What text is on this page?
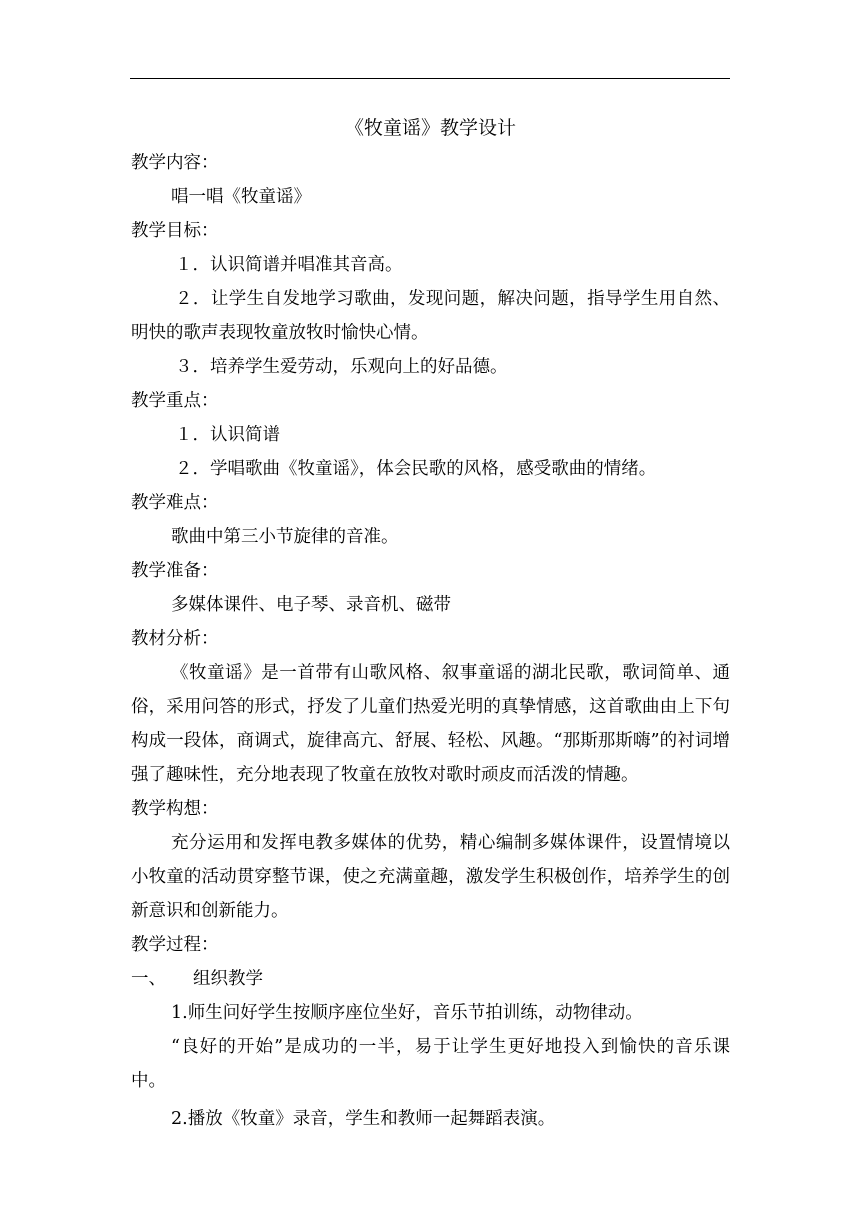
《牧童谣》教学设计
教学内容：
唱一唱《牧童谣》
教学目标：
１．认识简谱并唱准其音高。
２．让学生自发地学习歌曲，发现问题，解决问题，指导学生用自然、明快的歌声表现牧童放牧时愉快心情。
３．培养学生爱劳动，乐观向上的好品德。
教学重点：
１．认识简谱
２．学唱歌曲《牧童谣》，体会民歌的风格，感受歌曲的情绪。
教学难点：
歌曲中第三小节旋律的音准。
教学准备：
多媒体课件、电子琴、录音机、磁带
教材分析：
《牧童谣》是一首带有山歌风格、叙事童谣的湖北民歌，歌词简单、通俗，采用问答的形式，抒发了儿童们热爱光明的真挚情感，这首歌曲由上下句构成一段体，商调式，旋律高亢、舒展、轻松、风趣。“那斯那斯嗨”的衬词增强了趣味性，充分地表现了牧童在放牧对歌时顽皮而活泼的情趣。
教学构想：
充分运用和发挥电教多媒体的优势，精心编制多媒体课件，设置情境以小牧童的活动贯穿整节课，使之充满童趣，激发学生积极创作，培养学生的创新意识和创新能力。
教学过程：
一、 组织教学
1.师生问好学生按顺序座位坐好，音乐节拍训练，动物律动。
“良好的开始”是成功的一半，易于让学生更好地投入到愉快的音乐课中。
2.播放《牧童》录音，学生和教师一起舞蹈表演。
